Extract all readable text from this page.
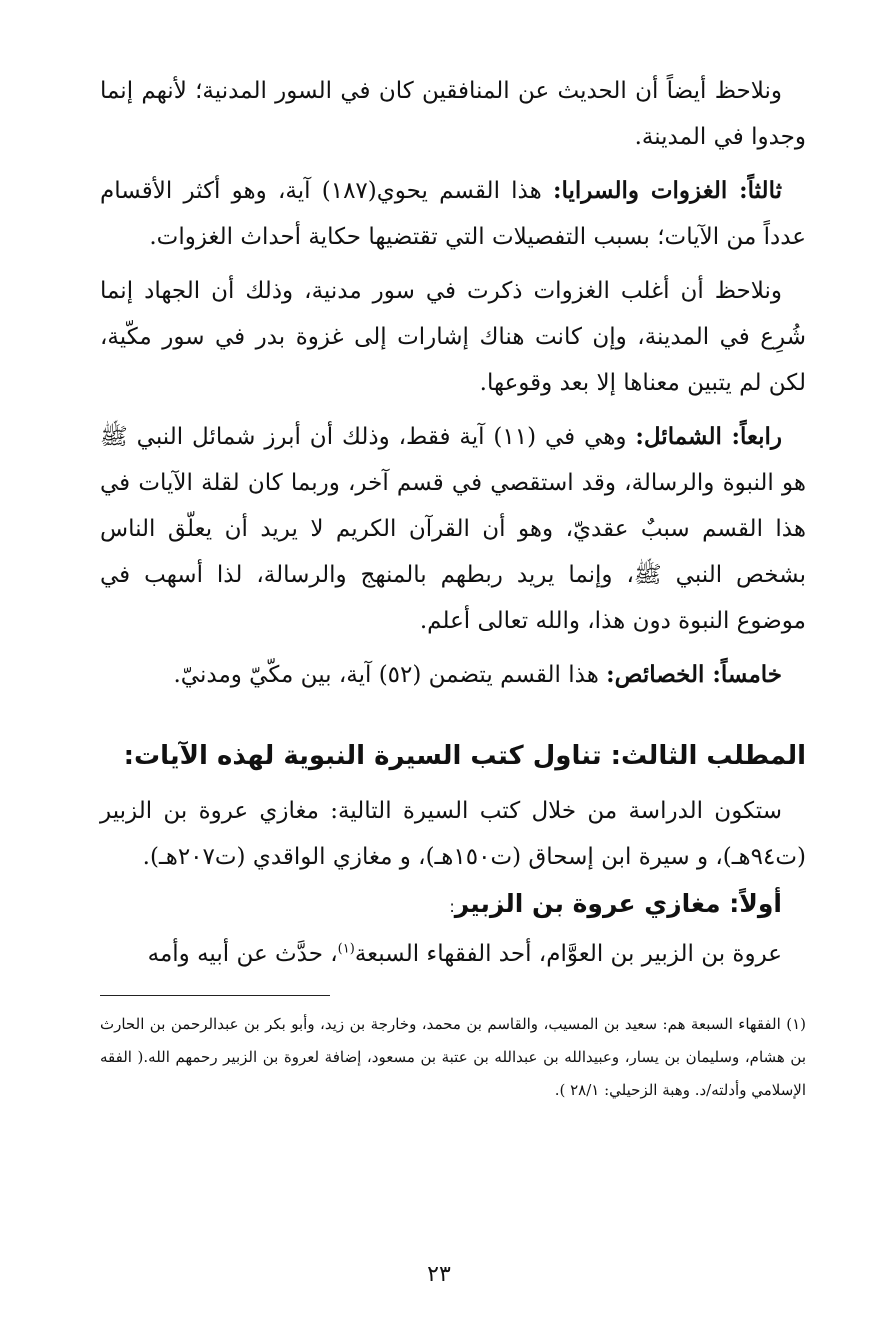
ونلاحظ أيضاً أن الحديث عن المنافقين كان في السور المدنية؛ لأنهم إنما وجدوا في المدينة.

ثالثاً: الغزوات والسرايا: هذا القسم يحوي(١٨٧) آية، وهو أكثر الأقسام عدداً من الآيات؛ بسبب التفصيلات التي تقتضيها حكاية أحداث الغزوات.

ونلاحظ أن أغلب الغزوات ذكرت في سور مدنية، وذلك أن الجهاد إنما شُرِع في المدينة، وإن كانت هناك إشارات إلى غزوة بدر في سور مكّية، لكن لم يتبين معناها إلا بعد وقوعها.

رابعاً: الشمائل: وهي في (١١) آية فقط، وذلك أن أبرز شمائل النبي ﷺ هو النبوة والرسالة، وقد استقصي في قسم آخر، وربما كان لقلة الآيات في هذا القسم سببٌ عقديّ، وهو أن القرآن الكريم لا يريد أن يعلّق الناس بشخص النبي ﷺ، وإنما يريد ربطهم بالمنهج والرسالة، لذا أسهب في موضوع النبوة دون هذا، والله تعالى أعلم.

خامساً: الخصائص: هذا القسم يتضمن (٥٢) آية، بين مكّيّ ومدنيّ.

المطلب الثالث: تناول كتب السيرة النبوية لهذه الآيات:

ستكون الدراسة من خلال كتب السيرة التالية: مغازي عروة بن الزبير (ت٩٤هـ)، و سيرة ابن إسحاق (ت١٥٠هـ)، و مغازي الواقدي (ت٢٠٧هـ).

أولاً: مغازي عروة بن الزبير:

عروة بن الزبير بن العوَّام، أحد الفقهاء السبعة$^{(١)}$، حدَّث عن أبيه وأمه

(١) الفقهاء السبعة هم: سعيد بن المسيب، والقاسم بن محمد، وخارجة بن زيد، وأبو بكر بن عبدالرحمن بن الحارث بن هشام، وسليمان بن يسار، وعبيدالله بن عبدالله بن عتبة بن مسعود، إضافة لعروة بن الزبير رحمهم الله.( الفقه الإسلامي وأدلته/د. وهبة الزحيلي: ٢٨/١ ).

٢٣
